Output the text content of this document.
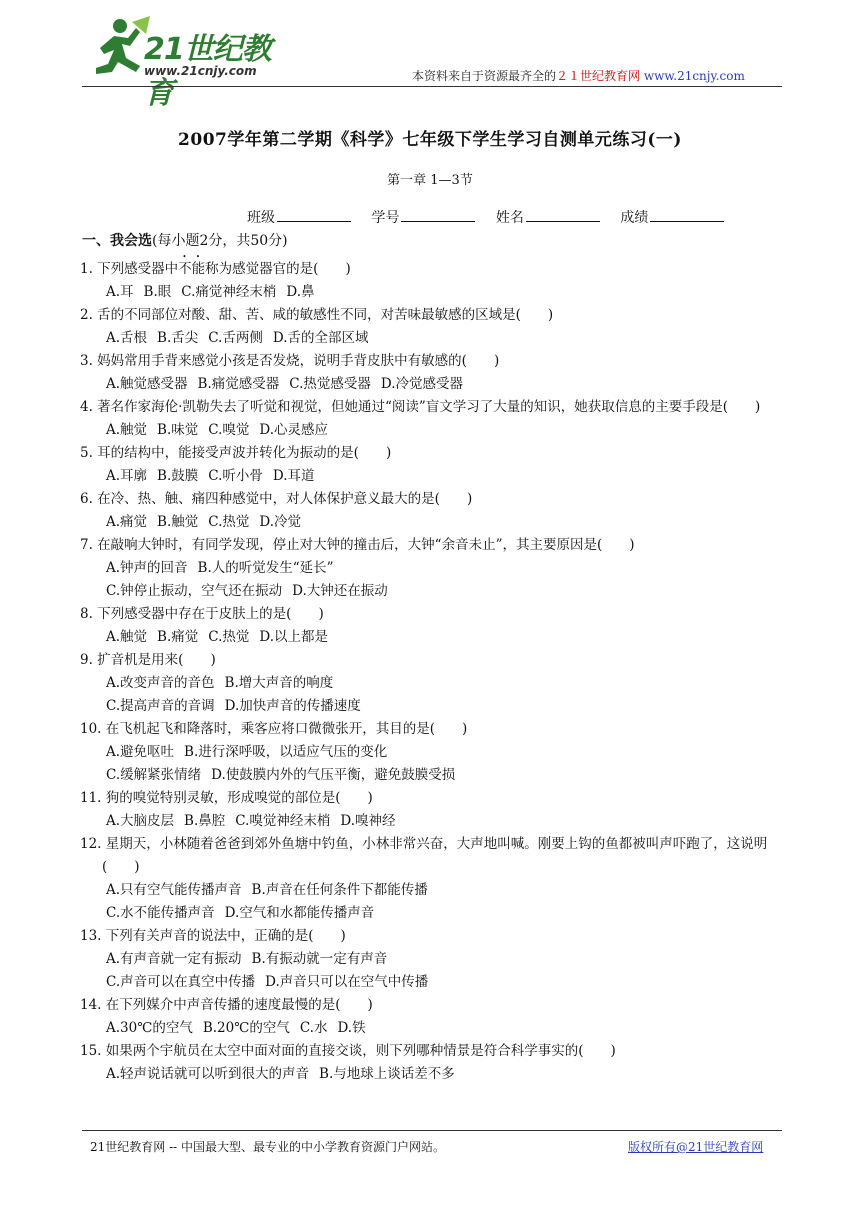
21世纪教育
www.21cnjy.com	本资料来自于资源最齐全的２１世纪教育网 www.21cnjy.com
2007学年第二学期《科学》七年级下学生学习自测单元练习(一)
第一章 1—3节
班级	学号	姓名	成绩
一、我会选(每小题2分，共50分)
1. 下列感受器中不能称为感觉器官的是(　　)
A.耳 B.眼 C.痛觉神经末梢 D.鼻
2. 舌的不同部位对酸、甜、苦、咸的敏感性不同，对苦味最敏感的区域是(　　)
A.舌根 B.舌尖 C.舌两侧 D.舌的全部区域
3. 妈妈常用手背来感觉小孩是否发烧，说明手背皮肤中有敏感的(　　)
A.触觉感受器 B.痛觉感受器 C.热觉感受器 D.冷觉感受器
4. 著名作家海伦·凯勒失去了听觉和视觉，但她通过“阅读”盲文学习了大量的知识，她获取信息的主要手段是(　　)
A.触觉 B.味觉 C.嗅觉 D.心灵感应
5. 耳的结构中，能接受声波并转化为振动的是(　　)
A.耳廓 B.鼓膜 C.听小骨 D.耳道
6. 在冷、热、触、痛四种感觉中，对人体保护意义最大的是(　　)
A.痛觉 B.触觉 C.热觉 D.冷觉
7. 在敲响大钟时，有同学发现，停止对大钟的撞击后，大钟“余音未止”，其主要原因是(　　)
A.钟声的回音 B.人的听觉发生“延长”
C.钟停止振动，空气还在振动 D.大钟还在振动
8. 下列感受器中存在于皮肤上的是(　　)
A.触觉 B.痛觉 C.热觉 D.以上都是
9. 扩音机是用来(　　)
A.改变声音的音色 B.增大声音的响度
C.提高声音的音调 D.加快声音的传播速度
10. 在飞机起飞和降落时，乘客应将口微微张开，其目的是(　　)
A.避免呕吐 B.进行深呼吸，以适应气压的变化
C.缓解紧张情绪 D.使鼓膜内外的气压平衡，避免鼓膜受损
11. 狗的嗅觉特别灵敏，形成嗅觉的部位是(　　)
A.大脑皮层 B.鼻腔 C.嗅觉神经末梢 D.嗅神经
12. 星期天，小林随着爸爸到郊外鱼塘中钓鱼，小林非常兴奋，大声地叫喊。刚要上钩的鱼都被叫声吓跑了，这说明(　　)
A.只有空气能传播声音 B.声音在任何条件下都能传播
C.水不能传播声音 D.空气和水都能传播声音
13. 下列有关声音的说法中，正确的是(　　)
A.有声音就一定有振动 B.有振动就一定有声音
C.声音可以在真空中传播 D.声音只可以在空气中传播
14. 在下列媒介中声音传播的速度最慢的是(　　)
A.30℃的空气 B.20℃的空气 C.水 D.铁
15. 如果两个宇航员在太空中面对面的直接交谈，则下列哪种情景是符合科学事实的(　　)
A.轻声说话就可以听到很大的声音 B.与地球上谈话差不多
21世纪教育网 -- 中国最大型、最专业的中小学教育资源门户网站。	版权所有@21世纪教育网
